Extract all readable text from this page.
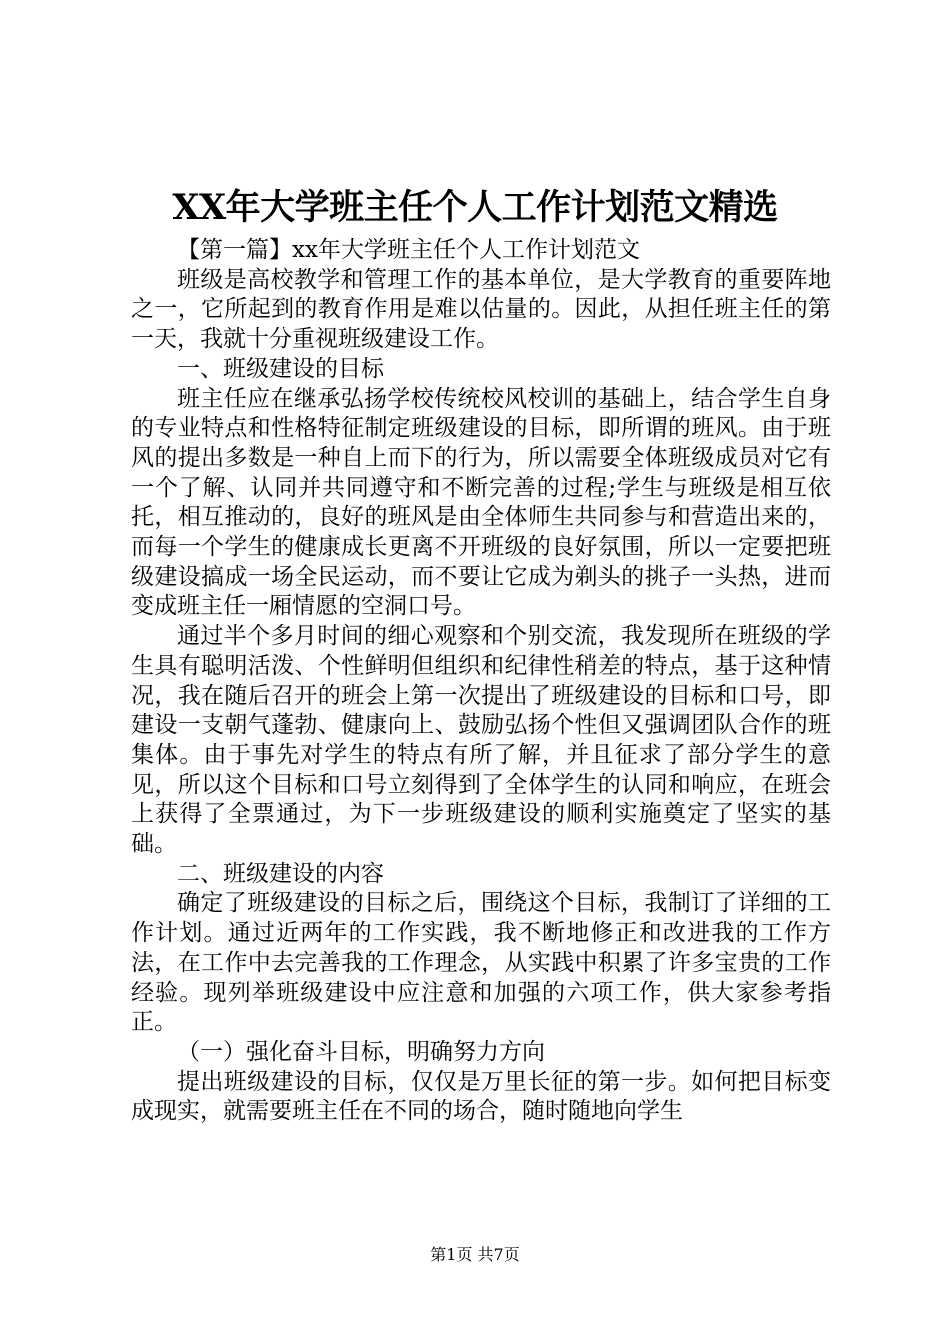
XX年大学班主任个人工作计划范文精选

【第一篇】xx年大学班主任个人工作计划范文

班级是高校教学和管理工作的基本单位，是大学教育的重要阵地之一，它所起到的教育作用是难以估量的。因此，从担任班主任的第一天，我就十分重视班级建设工作。

一、班级建设的目标

班主任应在继承弘扬学校传统校风校训的基础上，结合学生自身的专业特点和性格特征制定班级建设的目标，即所谓的班风。由于班风的提出多数是一种自上而下的行为，所以需要全体班级成员对它有一个了解、认同并共同遵守和不断完善的过程;学生与班级是相互依托，相互推动的，良好的班风是由全体师生共同参与和营造出来的，而每一个学生的健康成长更离不开班级的良好氛围，所以一定要把班级建设搞成一场全民运动，而不要让它成为剃头的挑子一头热，进而变成班主任一厢情愿的空洞口号。

通过半个多月时间的细心观察和个别交流，我发现所在班级的学生具有聪明活泼、个性鲜明但组织和纪律性稍差的特点，基于这种情况，我在随后召开的班会上第一次提出了班级建设的目标和口号，即建设一支朝气蓬勃、健康向上、鼓励弘扬个性但又强调团队合作的班集体。由于事先对学生的特点有所了解，并且征求了部分学生的意见，所以这个目标和口号立刻得到了全体学生的认同和响应，在班会上获得了全票通过，为下一步班级建设的顺利实施奠定了坚实的基础。

二、班级建设的内容

确定了班级建设的目标之后，围绕这个目标，我制订了详细的工作计划。通过近两年的工作实践，我不断地修正和改进我的工作方法，在工作中去完善我的工作理念，从实践中积累了许多宝贵的工作经验。现列举班级建设中应注意和加强的六项工作，供大家参考指正。

（一）强化奋斗目标，明确努力方向

提出班级建设的目标，仅仅是万里长征的第一步。如何把目标变成现实，就需要班主任在不同的场合，随时随地向学生

第1页 共7页
